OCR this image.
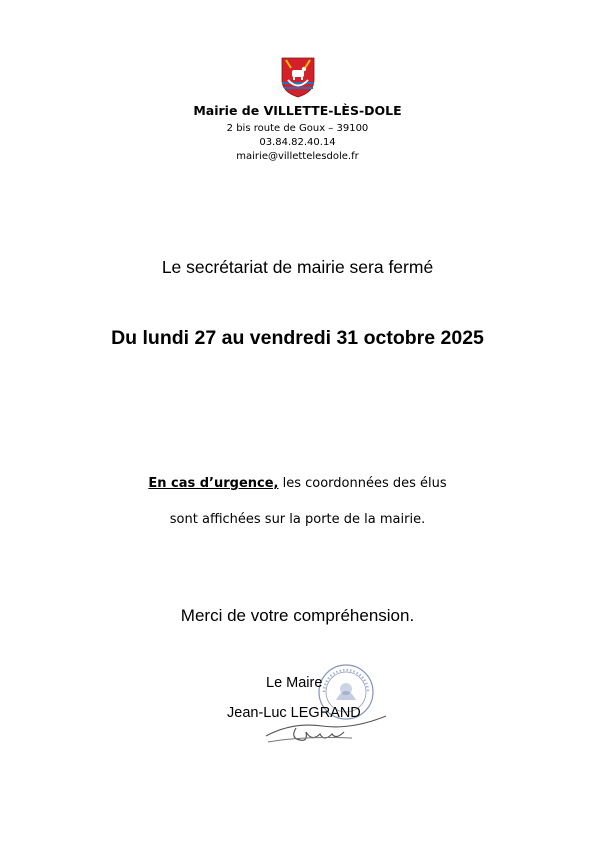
Mairie de VILLETTE-LÈS-DOLE
2 bis route de Goux – 39100
03.84.82.40.14
mairie@villettelesdole.fr
Le secrétariat de mairie sera fermé
Du lundi 27 au vendredi 31 octobre 2025
En cas d’urgence, les coordonnées des élus
sont affichées sur la porte de la mairie.
Merci de votre compréhension.
Le Maire
Jean-Luc LEGRAND
